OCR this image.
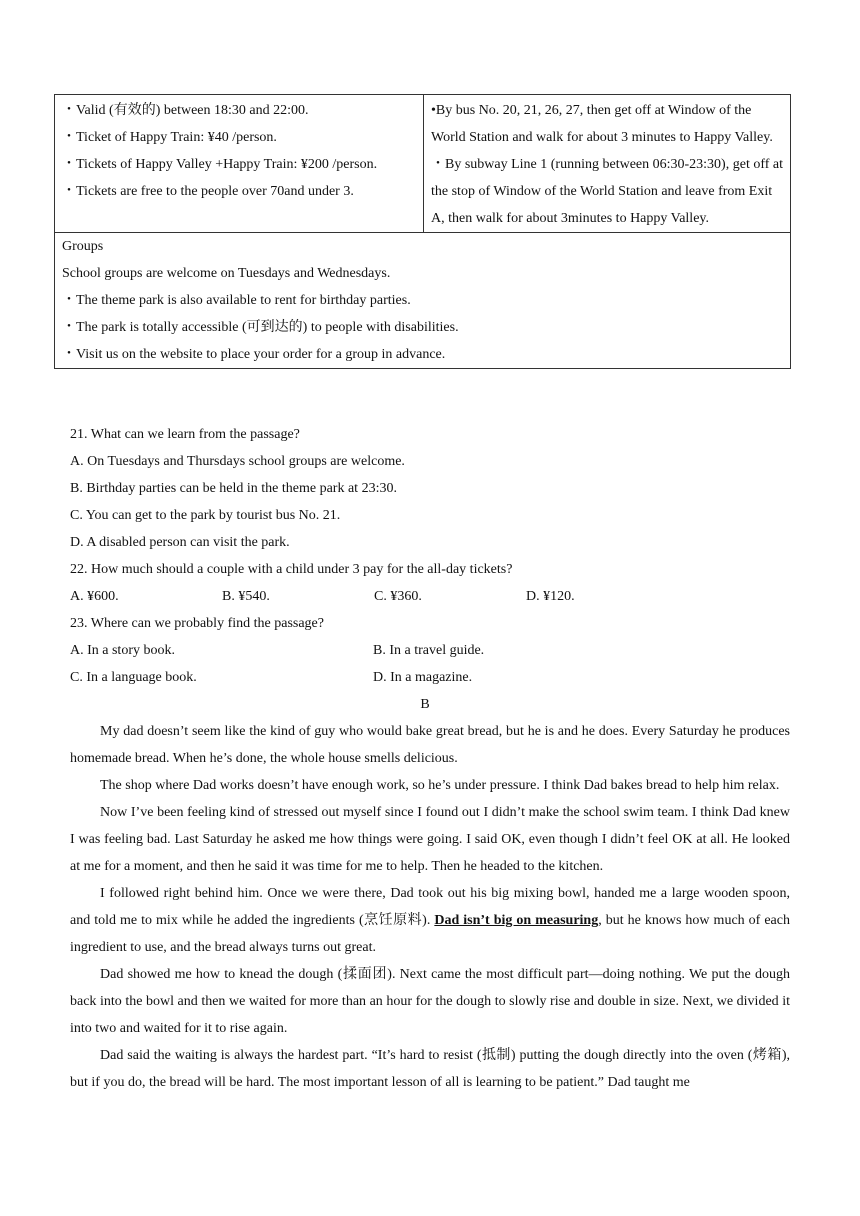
・Valid (有效的) between 18:30 and 22:00.
・Ticket of Happy Train: ¥40 /person.
・Tickets of Happy Valley +Happy Train: ¥200 /person.
・Tickets are free to the people over 70and under 3.

•By bus No. 20, 21, 26, 27, then get off at Window of the World Station and walk for about 3 minutes to Happy Valley.
・By subway Line 1 (running between 06:30-23:30), get off at the stop of Window of the World Station and leave from Exit A, then walk for about 3minutes to Happy Valley.

Groups
School groups are welcome on Tuesdays and Wednesdays.
・The theme park is also available to rent for birthday parties.
・The park is totally accessible (可到达的) to people with disabilities.
・Visit us on the website to place your order for a group in advance.
21. What can we learn from the passage?
A. On Tuesdays and Thursdays school groups are welcome.
B. Birthday parties can be held in the theme park at 23:30.
C. You can get to the park by tourist bus No. 21.
D. A disabled person can visit the park.
22. How much should a couple with a child under 3 pay for the all-day tickets?
A. ¥600.	B. ¥540.	C. ¥360.	D. ¥120.
23. Where can we probably find the passage?
A. In a story book.	B. In a travel guide.
C. In a language book.	D. In a magazine.
B

My dad doesn’t seem like the kind of guy who would bake great bread, but he is and he does. Every Saturday he produces homemade bread. When he’s done, the whole house smells delicious.

The shop where Dad works doesn’t have enough work, so he’s under pressure. I think Dad bakes bread to help him relax.

Now I’ve been feeling kind of stressed out myself since I found out I didn’t make the school swim team. I think Dad knew I was feeling bad. Last Saturday he asked me how things were going. I said OK, even though I didn’t feel OK at all. He looked at me for a moment, and then he said it was time for me to help. Then he headed to the kitchen.

I followed right behind him. Once we were there, Dad took out his big mixing bowl, handed me a large wooden spoon, and told me to mix while he added the ingredients (烹饪原料). Dad isn’t big on measuring, but he knows how much of each ingredient to use, and the bread always turns out great.

Dad showed me how to knead the dough (揉面团). Next came the most difficult part—doing nothing. We put the dough back into the bowl and then we waited for more than an hour for the dough to slowly rise and double in size. Next, we divided it into two and waited for it to rise again.

Dad said the waiting is always the hardest part. “It’s hard to resist (抵制) putting the dough directly into the oven (烤箱), but if you do, the bread will be hard. The most important lesson of all is learning to be patient.” Dad taught me
